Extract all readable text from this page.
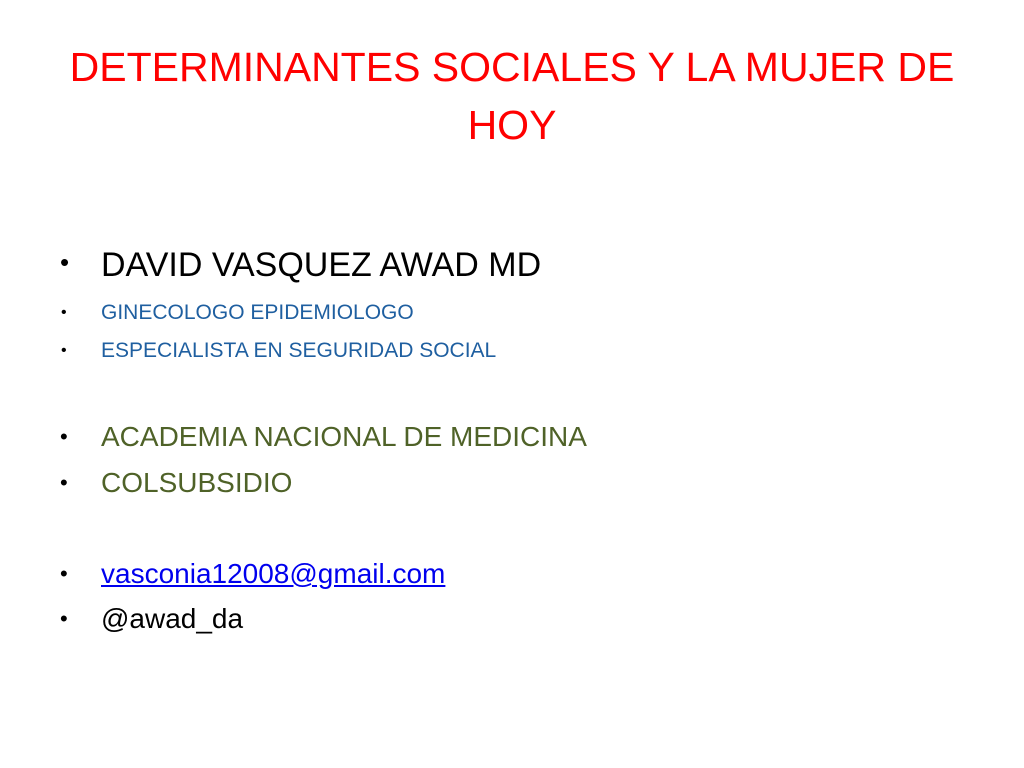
DETERMINANTES SOCIALES Y LA MUJER DE HOY
• DAVID VASQUEZ AWAD MD
• GINECOLOGO EPIDEMIOLOGO
• ESPECIALISTA EN SEGURIDAD SOCIAL
• ACADEMIA NACIONAL DE MEDICINA
• COLSUBSIDIO
• vasconia12008@gmail.com
• @awad_da
